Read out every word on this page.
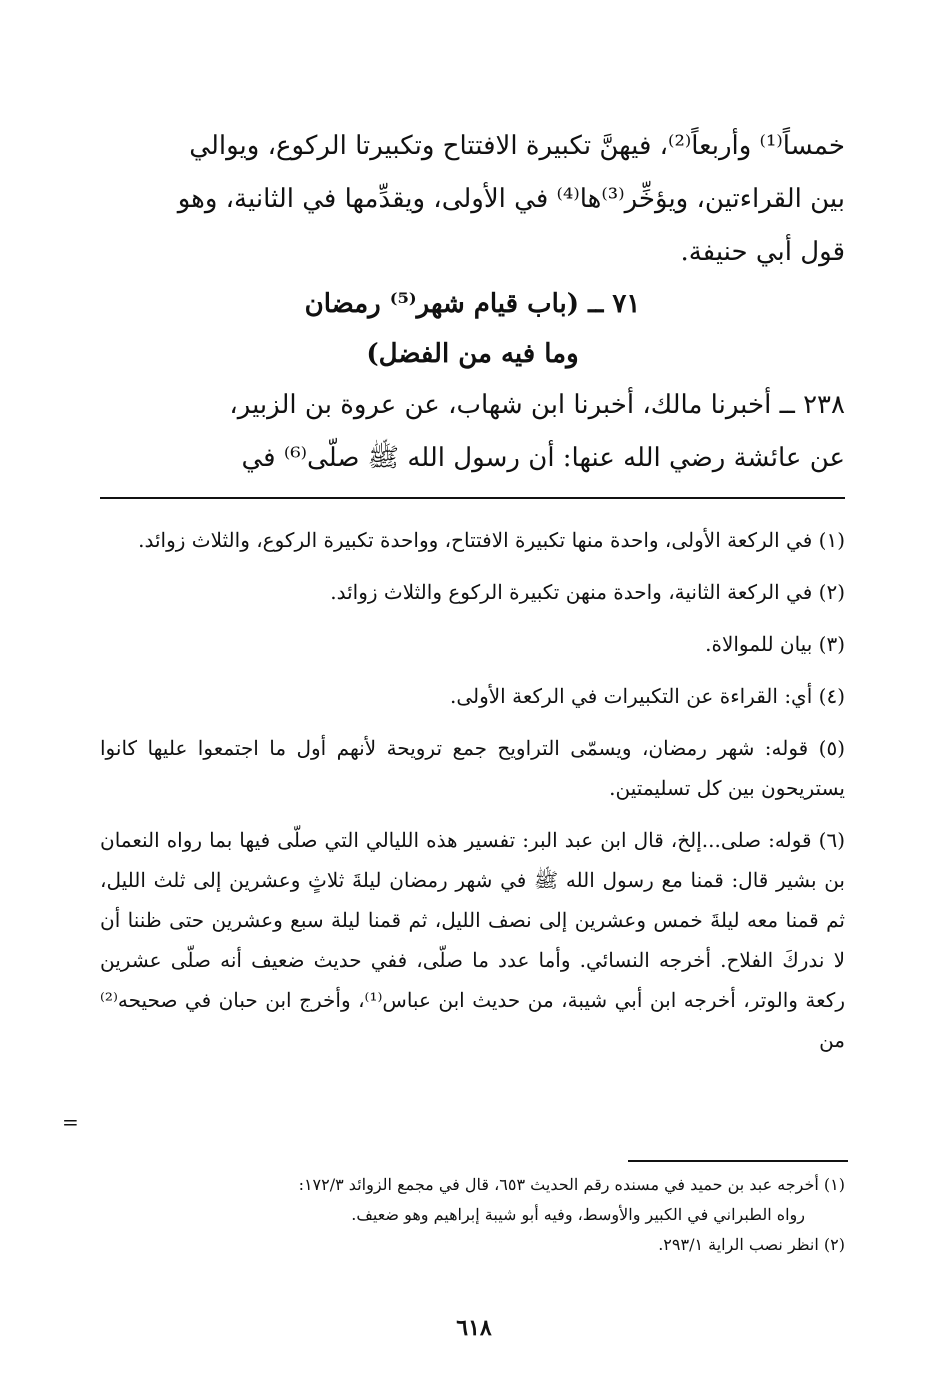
خمساً⁽¹⁾ وأربعاً⁽²⁾، فيهنَّ تكبيرة الافتتاح وتكبيرتا الركوع، ويوالي

بين القراءتين، ويؤخِّر⁽³⁾ها⁽⁴⁾ في الأولى، ويقدِّمها في الثانية، وهو

قول أبي حنيفة.

٧١ ــ (باب قيام شهر⁽⁵⁾ رمضان
وما فيه من الفضل)

٢٣٨ ــ أخبرنا مالك، أخبرنا ابن شهاب، عن عروة بن الزبير،

عن عائشة رضي الله عنها: أن رسول الله ﷺ صلّى⁽⁶⁾ في

(١) في الركعة الأولى، واحدة منها تكبيرة الافتتاح، وواحدة تكبيرة الركوع، والثلاث زوائد.

(٢) في الركعة الثانية، واحدة منهن تكبيرة الركوع والثلاث زوائد.

(٣) بيان للموالاة.

(٤) أي: القراءة عن التكبيرات في الركعة الأولى.

(٥) قوله: شهر رمضان، ويسمّى التراويح جمع ترويحة لأنهم أول ما اجتمعوا عليها كانوا يستريحون بين كل تسليمتين.

(٦) قوله: صلى...إلخ، قال ابن عبد البر: تفسير هذه الليالي التي صلّى فيها بما رواه النعمان بن بشير قال: قمنا مع رسول الله ﷺ في شهر رمضان ليلةَ ثلاثٍ وعشرين إلى ثلث الليل، ثم قمنا معه ليلةَ خمس وعشرين إلى نصف الليل، ثم قمنا ليلة سبع وعشرين حتى ظننا أن لا ندركَ الفلاح. أخرجه النسائي. وأما عدد ما صلّى، ففي حديث ضعيف أنه صلّى عشرين ركعة والوتر، أخرجه ابن أبي شيبة، من حديث ابن عباس⁽¹⁾، وأخرج ابن حبان في صحيحه⁽²⁾ من

=

(١) أخرجه عبد بن حميد في مسنده رقم الحديث ٦٥٣، قال في مجمع الزوائد ١٧٢/٣:

رواه الطبراني في الكبير والأوسط، وفيه أبو شيبة إبراهيم وهو ضعيف.

(٢) انظر نصب الراية ٢٩٣/١.

٦١٨
